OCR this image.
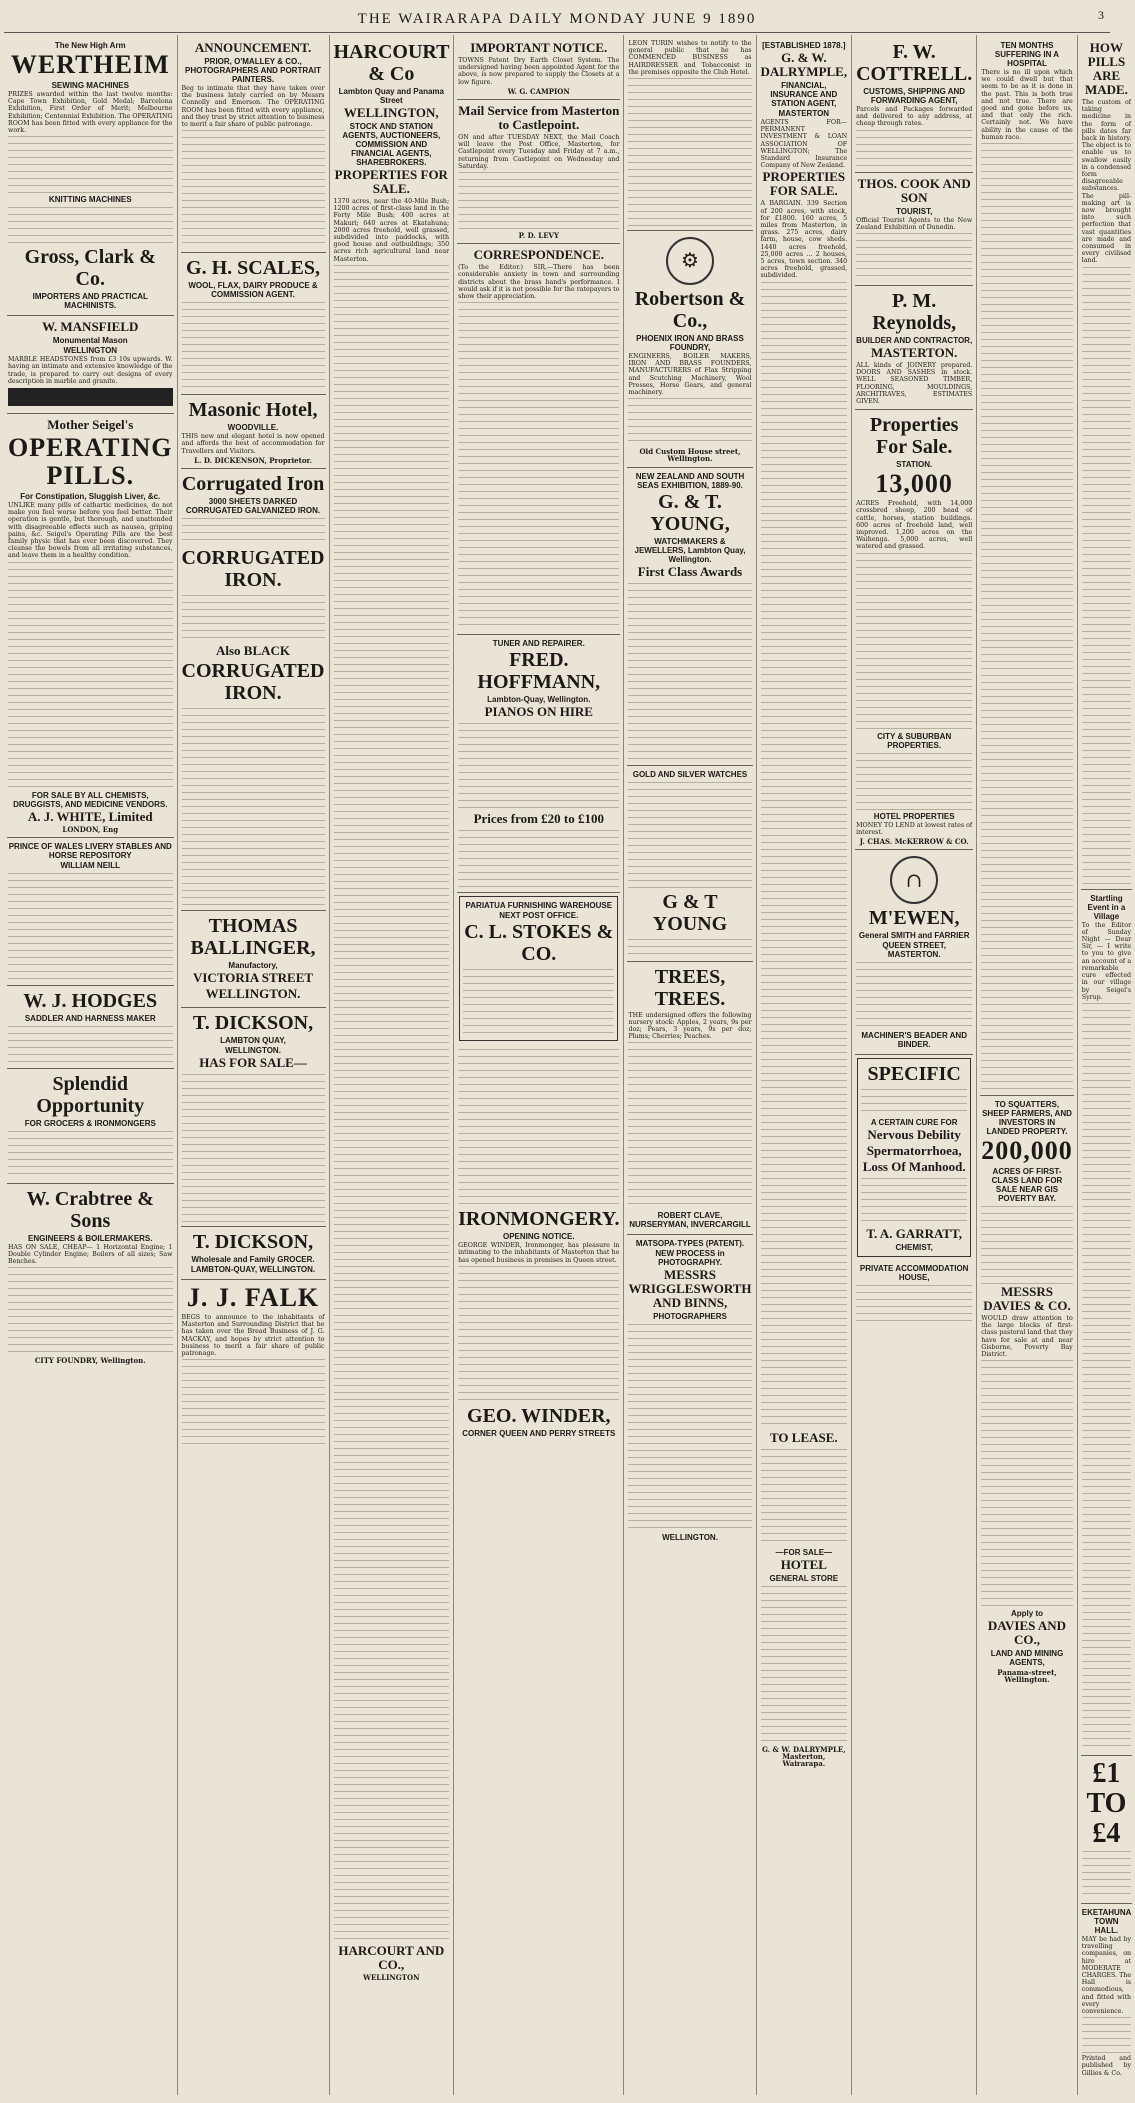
THE WAIRARAPA DAILY MONDAY JUNE 9 1890	3
The New High Arm
WERTHEIM
SEWING MACHINES
PRIZES awarded within the last twelve months: Cape Town Exhibition, Gold Medal; Barcelona Exhibition, First Order of Merit; Melbourne Exhibition; Centennial Exhibition. The OPERATING ROOM has been fitted with every appliance for the work.
KNITTING MACHINES
Gross, Clark & Co.
IMPORTERS AND PRACTICAL MACHINISTS.
W. MANSFIELD
Monumental Mason
WELLINGTON
MARBLE HEADSTONES from £3 10s upwards. W. having an intimate and extensive knowledge of the trade, is prepared to carry out designs of every description in marble and granite.
Mother Seigel's
OPERATING PILLS.
For Constipation, Sluggish Liver, &c.
UNLIKE many pills of cathartic medicines, do not make you feel worse before you feel better. Their operation is gentle, but thorough, and unattended with disagreeable effects such as nausea, griping pains, &c. Seigel's Operating Pills are the best family physic that has ever been discovered. They cleanse the bowels from all irritating substances, and leave them in a healthy condition.
FOR SALE BY ALL CHEMISTS, DRUGGISTS, AND MEDICINE VENDORS.
A. J. WHITE, Limited
LONDON, Eng
PRINCE OF WALES LIVERY STABLES AND HORSE REPOSITORY
WILLIAM NEILL
W. J. HODGES
SADDLER AND HARNESS MAKER
Splendid Opportunity
FOR GROCERS & IRONMONGERS
W. Crabtree & Sons
ENGINEERS & BOILERMAKERS.
HAS ON SALE, CHEAP— 1 Horizontal Engine; 1 Double Cylinder Engine; Boilers of all sizes; Saw Benches.
CITY FOUNDRY, Wellington.
ANNOUNCEMENT.
PRIOR, O'MALLEY & CO., PHOTOGRAPHERS AND PORTRAIT PAINTERS.
Beg to intimate that they have taken over the business lately carried on by Messrs Connolly and Emerson. The OPERATING ROOM has been fitted with every appliance, and they trust by strict attention to business to merit a fair share of public patronage.
G. H. SCALES,
WOOL, FLAX, DAIRY PRODUCE & COMMISSION AGENT.
Masonic Hotel,
WOODVILLE.
THIS new and elegant hotel is now opened and affords the best of accommodation for Travellers and Visitors.
L. D. DICKENSON, Proprietor.
Corrugated Iron
3000 SHEETS DARKED CORRUGATED GALVANIZED IRON.
CORRUGATED IRON.
Also BLACK
CORRUGATED IRON.
THOMAS BALLINGER,
Manufactory,
VICTORIA STREET
WELLINGTON.
T. DICKSON,
LAMBTON QUAY,
WELLINGTON.
HAS FOR SALE—
T. DICKSON,
Wholesale and Family GROCER.
LAMBTON-QUAY, WELLINGTON.
J. J. FALK
BEGS to announce to the inhabitants of Masterton and Surrounding District that he has taken over the Bread Business of J. G. MACKAY, and hopes by strict attention to business to merit a fair share of public patronage.
HARCOURT & Co
Lambton Quay and Panama Street
WELLINGTON,
STOCK AND STATION AGENTS, AUCTIONEERS, COMMISSION AND FINANCIAL AGENTS, SHAREBROKERS.
PROPERTIES FOR SALE.
1370 acres, near the 40-Mile Bush; 1200 acres of first-class land in the Forty Mile Bush; 400 acres at Makuri; 640 acres at Ekatahuna; 2000 acres freehold, well grassed, subdivided into paddocks, with good house and outbuildings; 350 acres rich agricultural land near Masterton.
HARCOURT AND CO.,
WELLINGTON
IMPORTANT NOTICE.
TOWNS Patent Dry Earth Closet System. The undersigned having been appointed Agent for the above, is now prepared to supply the Closets at a low figure.
W. G. CAMPION
Mail Service from Masterton to Castlepoint.
ON and after TUESDAY NEXT, the Mail Coach will leave the Post Office, Masterton, for Castlepoint every Tuesday and Friday at 7 a.m., returning from Castlepoint on Wednesday and Saturday.
P. D. LEVY
CORRESPONDENCE.
(To the Editor.) SIR,—There has been considerable anxiety in town and surrounding districts about the brass band's performance. I would ask if it is not possible for the ratepayers to show their appreciation.
TUNER AND REPAIRER.
FRED. HOFFMANN,
Lambton-Quay, Wellington.
PIANOS ON HIRE
Prices from £20 to £100
PARIATUA FURNISHING WAREHOUSE
NEXT POST OFFICE.
C. L. STOKES & CO.
IRONMONGERY.
OPENING NOTICE.
GEORGE WINDER, Ironmonger, has pleasure in intimating to the inhabitants of Masterton that he has opened business in premises in Queen street.
GEO. WINDER,
CORNER QUEEN AND PERRY STREETS
LEON TURIN wishes to notify to the general public that he has COMMENCED BUSINESS as HAIRDRESSER and Tobacconist in the premises opposite the Club Hotel.
⚙
Robertson & Co.,
PHOENIX IRON AND BRASS FOUNDRY,
ENGINEERS, BOILER MAKERS, IRON AND BRASS FOUNDERS, MANUFACTURERS of Flax Stripping and Scutching Machinery, Wool Presses, Horse Gears, and general machinery.
Old Custom House street, Wellington.
NEW ZEALAND AND SOUTH SEAS EXHIBITION, 1889-90.
G. & T. YOUNG,
WATCHMAKERS & JEWELLERS, Lambton Quay, Wellington.
First Class Awards
GOLD AND SILVER WATCHES
G & T YOUNG
TREES, TREES.
THE undersigned offers the following nursery stock: Apples, 2 years, 9s per doz; Pears, 3 years, 9s per doz; Plums; Cherries; Peaches.
ROBERT CLAVE, NURSERYMAN, INVERCARGILL
MATSOPA-TYPES (PATENT).
NEW PROCESS in PHOTOGRAPHY.
MESSRS WRIGGLESWORTH AND BINNS,
PHOTOGRAPHERS
WELLINGTON.
[ESTABLISHED 1878.]
G. & W. DALRYMPLE,
FINANCIAL, INSURANCE AND STATION AGENT,
MASTERTON
AGENTS FOR— PERMANENT INVESTMENT & LOAN ASSOCIATION OF WELLINGTON; The Standard Insurance Company of New Zealand.
PROPERTIES FOR SALE.
A BARGAIN. 339 Section of 200 acres, with stock, for £1800. 160 acres, 5 miles from Masterton, in grass. 275 acres, dairy farm, house, cow sheds. 1440 acres freehold, 25,000 acres ... 2 houses, 5 acres, town section. 340 acres freehold, grassed, subdivided.
TO LEASE.
—FOR SALE—
HOTEL
GENERAL STORE
G. & W. DALRYMPLE, Masterton, Wairarapa.
F. W. COTTRELL.
CUSTOMS, SHIPPING AND FORWARDING AGENT,
Parcels and Packages forwarded and delivered to any address, at cheap through rates.
THOS. COOK AND SON
TOURIST,
Official Tourist Agents to the New Zealand Exhibition of Dunedin.
P. M. Reynolds,
BUILDER AND CONTRACTOR,
MASTERTON.
ALL kinds of JOINERY prepared. DOORS AND SASHES in stock. WELL SEASONED TIMBER, FLOORING, MOULDINGS, ARCHITRAVES, ESTIMATES GIVEN.
Properties For Sale.
STATION.
13,000
ACRES Freehold, with 14,000 crossbred sheep, 200 head of cattle, horses, station buildings. 600 acres of freehold land, well improved. 1,200 acres on the Waihenga. 5,000 acres, well watered and grassed.
CITY & SUBURBAN PROPERTIES.
HOTEL PROPERTIES
MONEY TO LEND at lowest rates of interest.
J. CHAS. McKERROW & CO.
∩
M'EWEN,
General SMITH and FARRIER
QUEEN STREET, MASTERTON.
MACHINER'S BEADER AND BINDER.
SPECIFIC
A CERTAIN CURE FOR
Nervous Debility
Spermatorrhoea,
Loss Of Manhood.
T. A. GARRATT,
CHEMIST,
PRIVATE ACCOMMODATION HOUSE,
TEN MONTHS SUFFERING IN A HOSPITAL
There is no ill upon which we could dwell but that seem to be as it is done in the past. This is both true and not true. There are good and gone before us, and that only the rich. Certainly not. We have ability in the cause of the human race.
TO SQUATTERS, SHEEP FARMERS, AND INVESTORS IN LANDED PROPERTY.
200,000
ACRES OF FIRST-CLASS LAND FOR SALE NEAR GIS POVERTY BAY.
MESSRS DAVIES & CO.
WOULD draw attention to the large blocks of first-class pastoral land that they have for sale at and near Gisborne, Poverty Bay District.
Apply to
DAVIES AND CO.,
LAND AND MINING AGENTS,
Panama-street, Wellington.
HOW PILLS ARE MADE.
The custom of taking medicine in the form of pills dates far back in history. The object is to enable us to swallow easily in a condensed form disagreeable substances. The pill-making art is now brought into such perfection that vast quantities are made and consumed in every civilised land.
Startling Event in a Village
To the Editor of Sunday Night — Dear Sir, — I write to you to give an account of a remarkable cure effected in our village by Seigel's Syrup.
£1 TO £4
EKETAHUNA TOWN HALL.
MAY be had by travelling companies, on hire at MODERATE CHARGES. The Hall is commodious, and fitted with every convenience.
Printed and published by Gillies & Co.
